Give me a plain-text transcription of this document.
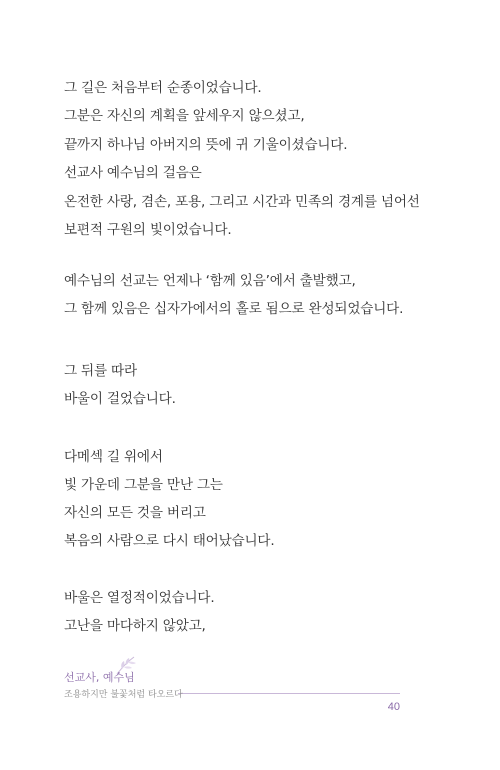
그 길은 처음부터 순종이었습니다.
그분은 자신의 계획을 앞세우지 않으셨고,
끝까지 하나님 아버지의 뜻에 귀 기울이셨습니다.
선교사 예수님의 걸음은
온전한 사랑, 겸손, 포용, 그리고 시간과 민족의 경계를 넘어선
보편적 구원의 빛이었습니다.
예수님의 선교는 언제나 ‘함께 있음’에서 출발했고,
그 함께 있음은 십자가에서의 홀로 됨으로 완성되었습니다.
그 뒤를 따라
바울이 걸었습니다.
다메섹 길 위에서
빛 가운데 그분을 만난 그는
자신의 모든 것을 버리고
복음의 사람으로 다시 태어났습니다.
바울은 열정적이었습니다.
고난을 마다하지 않았고,
선교사, 예수님
조용하지만 불꽃처럼 타오르다
40
